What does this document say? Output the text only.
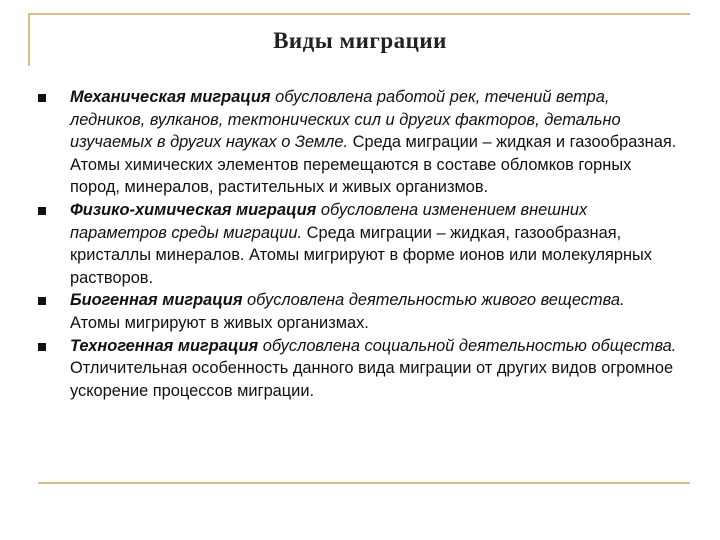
Виды миграции
Механическая миграция обусловлена работой рек, течений ветра, ледников, вулканов, тектонических сил и других факторов, детально изучаемых в других науках о Земле. Среда миграции – жидкая и газообразная. Атомы химических элементов перемещаются в составе обломков горных пород, минералов, растительных и живых организмов.
Физико-химическая миграция обусловлена изменением внешних параметров среды миграции. Среда миграции – жидкая, газообразная, кристаллы минералов. Атомы мигрируют в форме ионов или молекулярных растворов.
Биогенная миграция обусловлена деятельностью живого вещества. Атомы мигрируют в живых организмах.
Техногенная миграция обусловлена социальной деятельностью общества. Отличительная особенность данного вида миграции от других видов огромное ускорение процессов миграции.
